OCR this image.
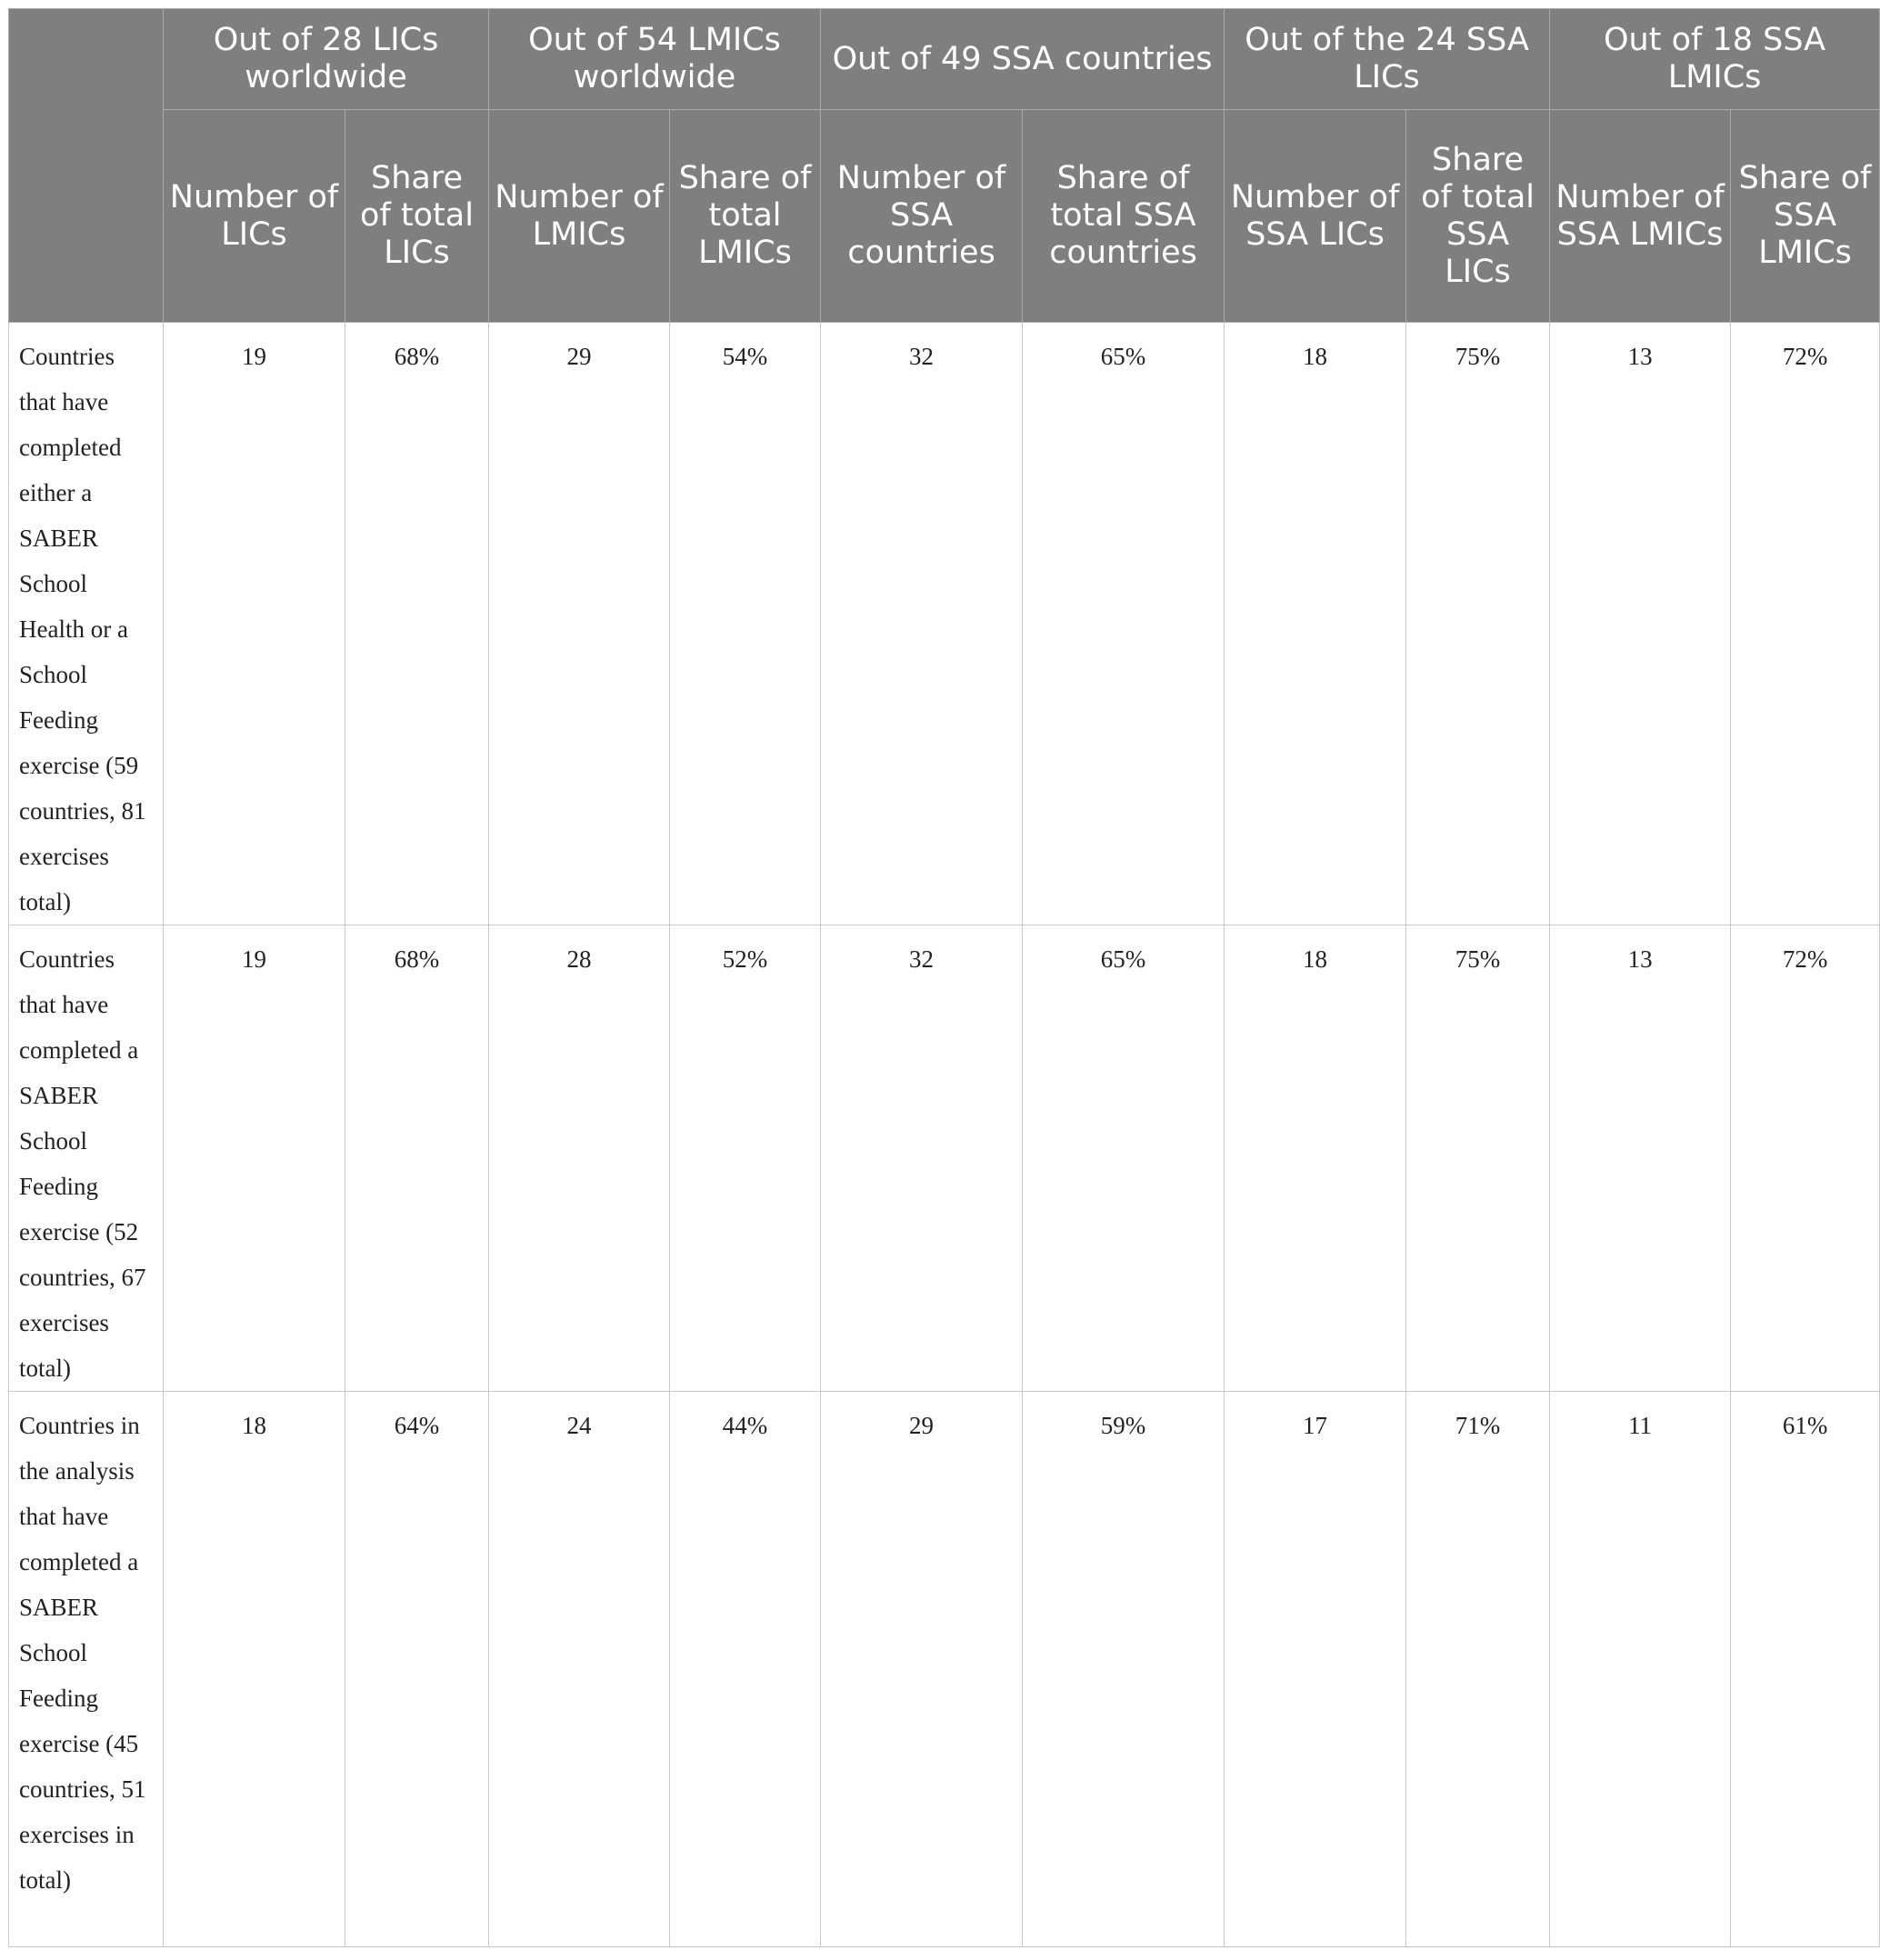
	Out of 28 LICs worldwide		Out of 54 LMICs worldwide		Out of 49 SSA countries		Out of the 24 SSA LICs		Out of 18 SSA LMICs	
	Number of LICs	Share of total LICs	Number of LMICs	Share of total LMICs	Number of SSA countries	Share of total SSA countries	Number of SSA LICs	Share of total SSA LICs	Number of SSA LMICs	Share of SSA LMICs
Countries that have completed either a SABER School Health or a School Feeding exercise (59 countries, 81 exercises total)	19	68%	29	54%	32	65%	18	75%	13	72%
Countries that have completed a SABER School Feeding exercise (52 countries, 67 exercises total)	19	68%	28	52%	32	65%	18	75%	13	72%
Countries in the analysis that have completed a SABER School Feeding exercise (45 countries, 51 exercises in total)	18	64%	24	44%	29	59%	17	71%	11	61%
